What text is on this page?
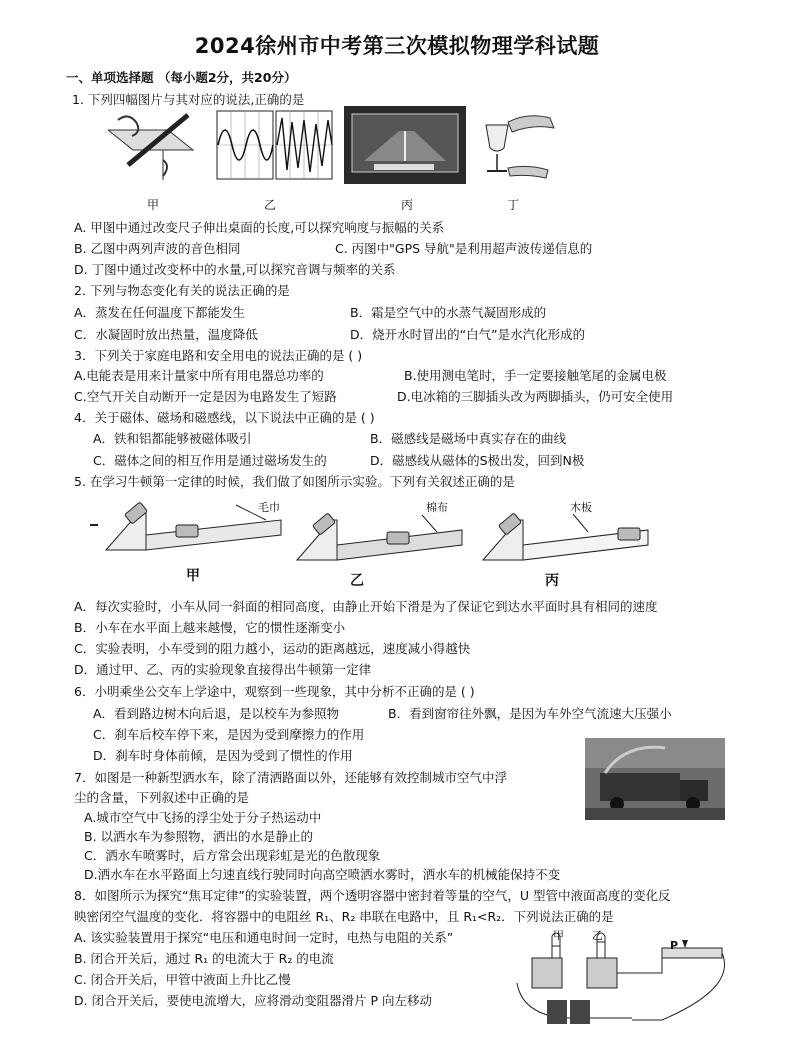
2024徐州市中考第三次模拟物理学科试题
一、单项选择题 （每小题2分，共20分）
1. 下列四幅图片与其对应的说法,正确的是
甲	乙	丙	丁
A. 甲图中通过改变尺子伸出桌面的长度,可以探究响度与振幅的关系
B. 乙图中两列声波的音色相同	C. 丙图中"GPS 导航"是利用超声波传递信息的
D. 丁图中通过改变杯中的水量,可以探究音调与频率的关系
2. 下列与物态变化有关的说法正确的是
A．蒸发在任何温度下都能发生	B．霜是空气中的水蒸气凝固形成的
C．水凝固时放出热量，温度降低	D．烧开水时冒出的“白气”是水汽化形成的
3．下列关于家庭电路和安全用电的说法正确的是 ( )
A.电能表是用来计量家中所有用电器总功率的	B.使用测电笔时，手一定要接触笔尾的金属电极
C.空气开关自动断开一定是因为电路发生了短路	D.电冰箱的三脚插头改为两脚插头，仍可安全使用
4．关于磁体、磁场和磁感线，以下说法中正确的是 ( )
A．铁和铝都能够被磁体吸引	B．磁感线是磁场中真实存在的曲线
C．磁体之间的相互作用是通过磁场发生的	D．磁感线从磁体的S极出发，回到N极
5. 在学习牛顿第一定律的时候，我们做了如图所示实验。下列有关叙述正确的是
毛巾	棉布	木板
甲	乙	丙
A．每次实验时，小车从同一斜面的相同高度，由静止开始下滑是为了保证它到达水平面时具有相同的速度
B．小车在水平面上越来越慢，它的惯性逐渐变小
C．实验表明，小车受到的阻力越小，运动的距离越远，速度减小得越快
D．通过甲、乙、丙的实验现象直接得出牛顿第一定律
6．小明乘坐公交车上学途中，观察到一些现象，其中分析不正确的是 ( )
A．看到路边树木向后退，是以校车为参照物	B．看到窗帘往外飘，是因为车外空气流速大压强小
C．刹车后校车停下来，是因为受到摩擦力的作用
D．刹车时身体前倾，是因为受到了惯性的作用
7．如图是一种新型洒水车，除了清洒路面以外，还能够有效控制城市空气中浮
尘的含量，下列叙述中正确的是
A.城市空气中飞扬的浮尘处于分子热运动中
B. 以洒水车为参照物，洒出的水是静止的
C．洒水车喷雾时，后方常会出现彩虹是光的色散现象
D.洒水车在水平路面上匀速直线行驶同时向高空喷洒水雾时，洒水车的机械能保持不变
8．如图所示为探究“焦耳定律”的实验装置，两个透明容器中密封着等量的空气，U 型管中液面高度的变化反
映密闭空气温度的变化．将容器中的电阻丝 R₁、R₂ 串联在电路中，且 R₁<R₂．下列说法正确的是
A. 该实验装置用于探究“电压和通电时间一定时，电热与电阻的关系”
B. 闭合开关后，通过 R₁ 的电流大于 R₂ 的电流
C. 闭合开关后，甲管中液面上升比乙慢
D. 闭合开关后，要使电流增大，应将滑动变阻器滑片 P 向左移动
甲	乙
P
